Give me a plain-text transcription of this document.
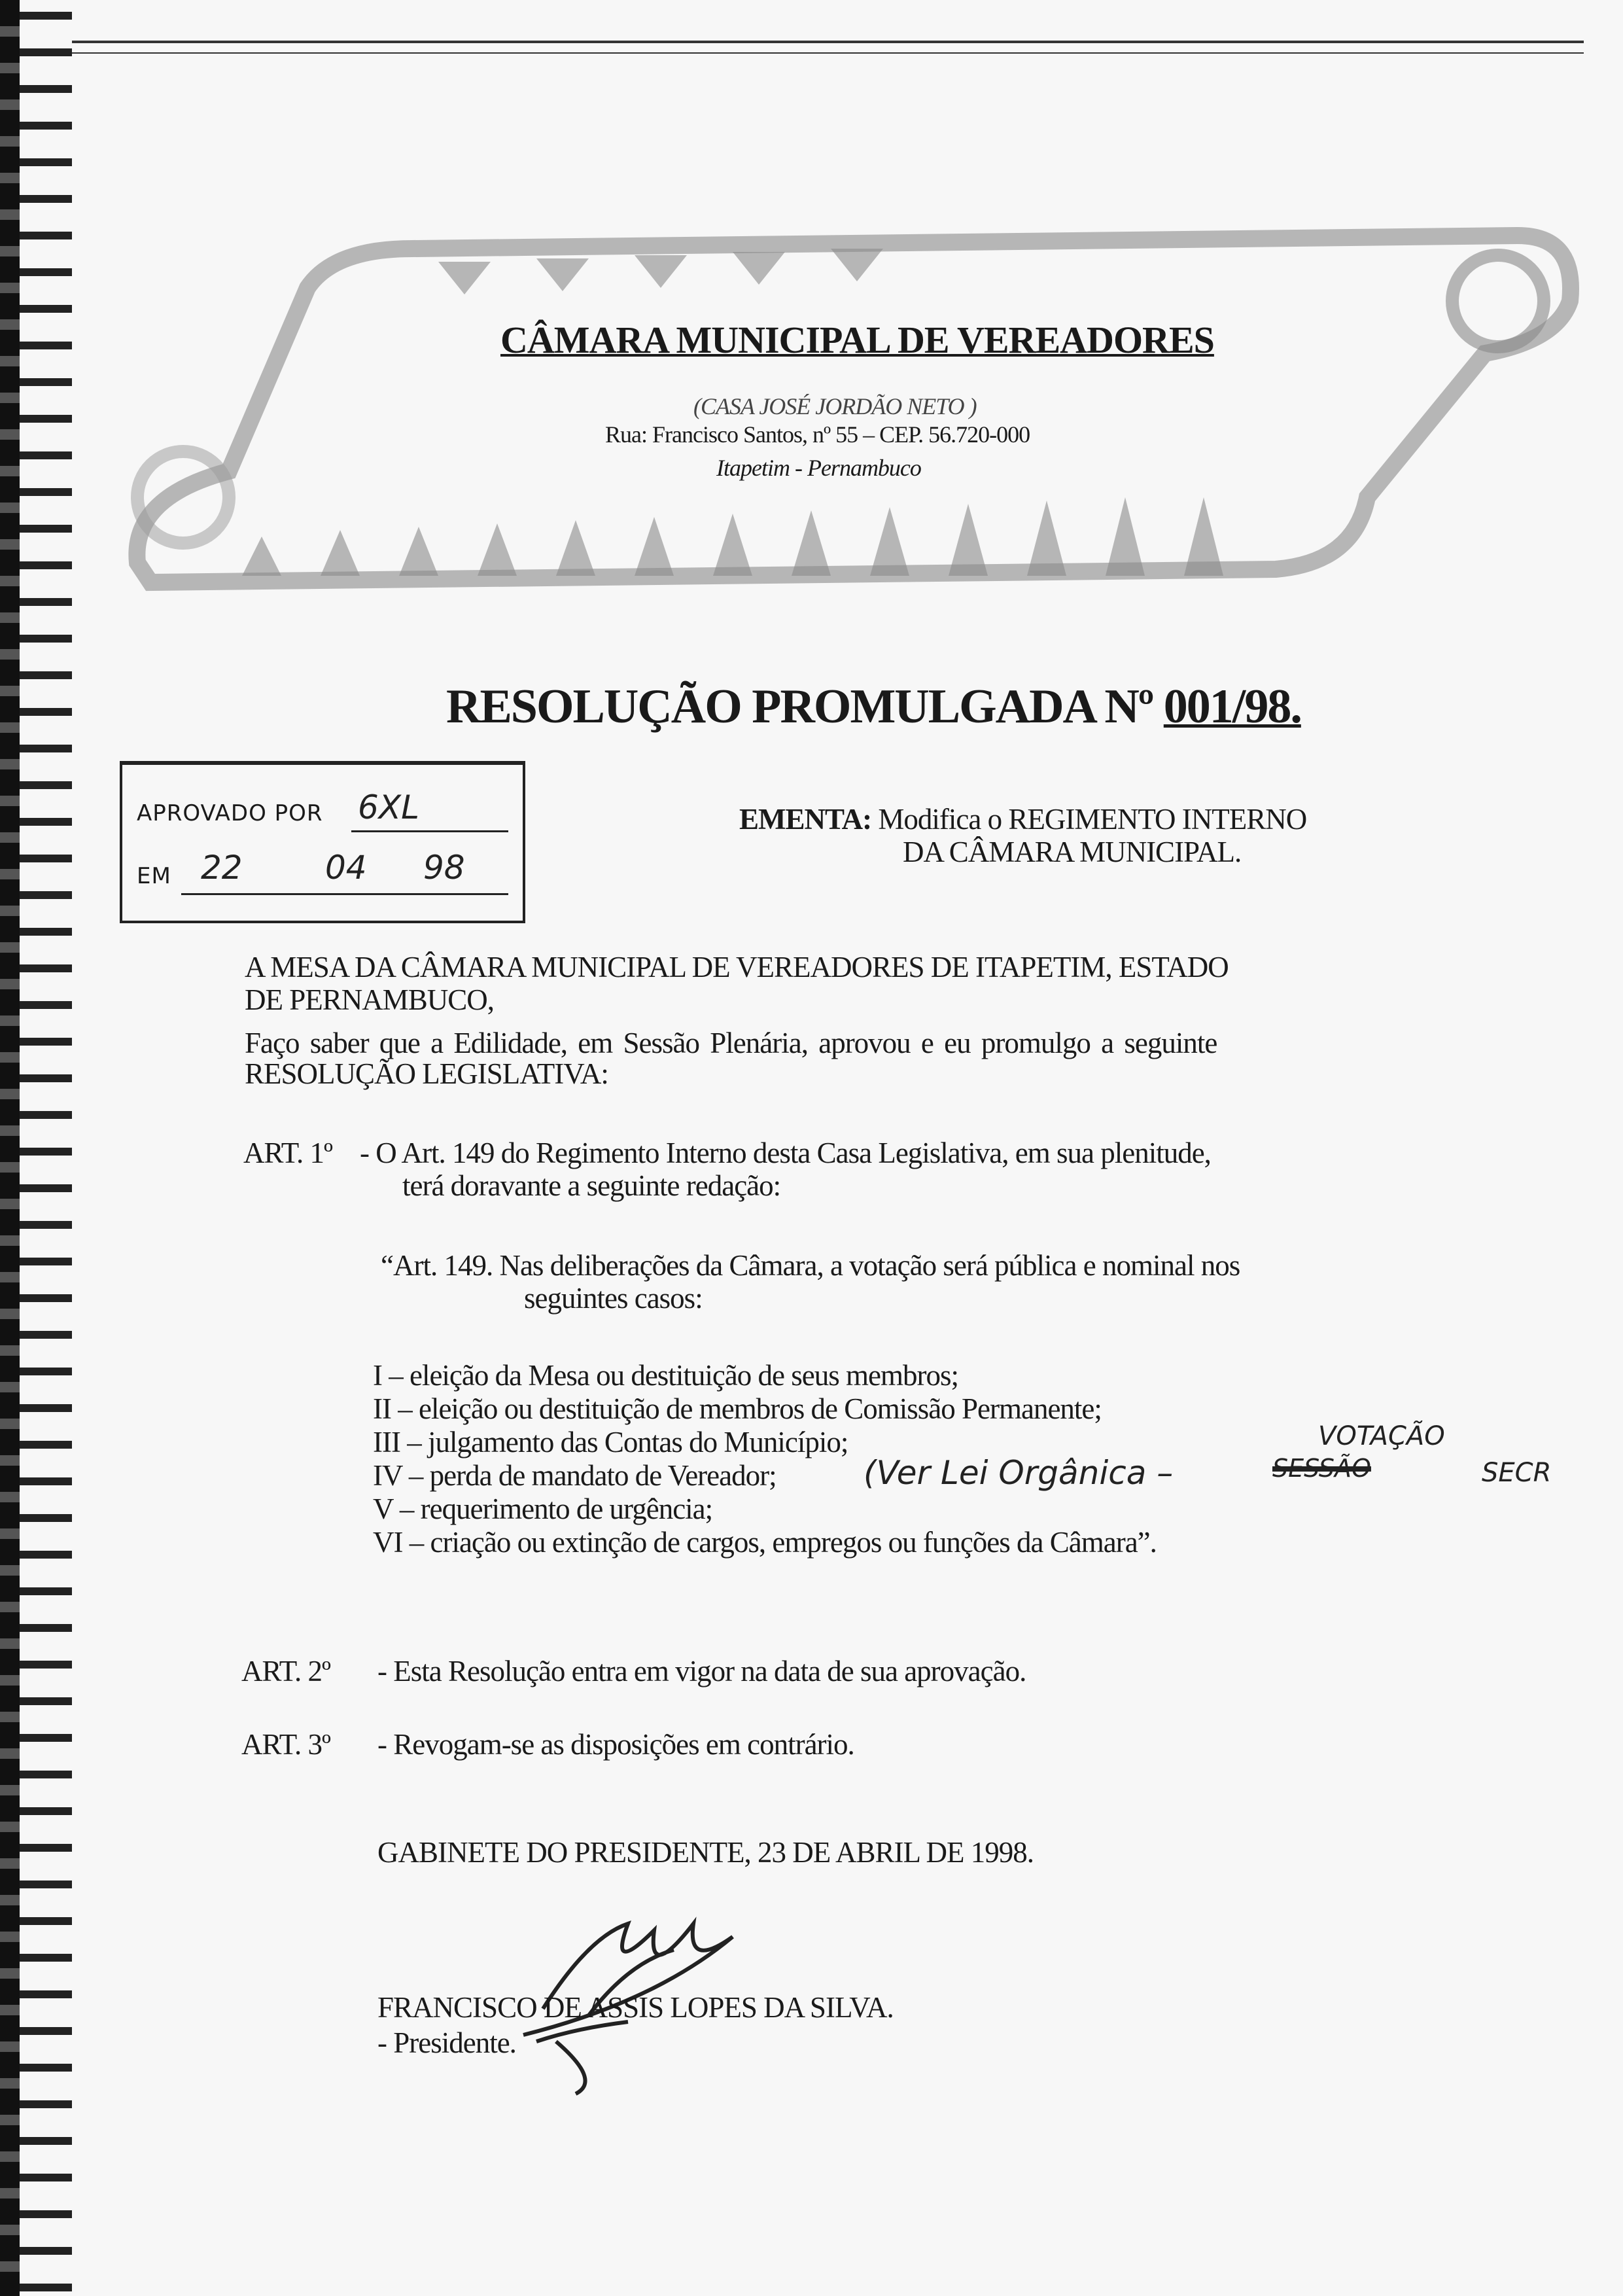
CÂMARA MUNICIPAL DE VEREADORES
(CASA JOSÉ JORDÃO NETO )
Rua: Francisco Santos, nº 55 – CEP. 56.720-000
Itapetim - Pernambuco
RESOLUÇÃO PROMULGADA Nº 001/98.
APROVADO POR 6XL
EM 22	04 98
EMENTA: Modifica o REGIMENTO INTERNO
DA CÂMARA MUNICIPAL.
A MESA DA CÂMARA MUNICIPAL DE VEREADORES DE ITAPETIM, ESTADO
DE PERNAMBUCO,
Faço saber que a Edilidade, em Sessão Plenária, aprovou e eu promulgo a seguinte
RESOLUÇÃO LEGISLATIVA:
ART. 1º - O Art. 149 do Regimento Interno desta Casa Legislativa, em sua plenitude,
terá doravante a seguinte redação:
“Art. 149. Nas deliberações da Câmara, a votação será pública e nominal nos
seguintes casos:
I – eleição da Mesa ou destituição de seus membros;
II – eleição ou destituição de membros de Comissão Permanente;
III – julgamento das Contas do Município;
IV – perda de mandato de Vereador;
V – requerimento de urgência;
VI – criação ou extinção de cargos, empregos ou funções da Câmara”.
(Ver Lei Orgânica –	SESSÃO
VOTAÇÃO
SECR
ART. 2º - Esta Resolução entra em vigor na data de sua aprovação.
ART. 3º - Revogam-se as disposições em contrário.
GABINETE DO PRESIDENTE, 23 DE ABRIL DE 1998.
FRANCISCO DE ASSIS LOPES DA SILVA.
- Presidente.
